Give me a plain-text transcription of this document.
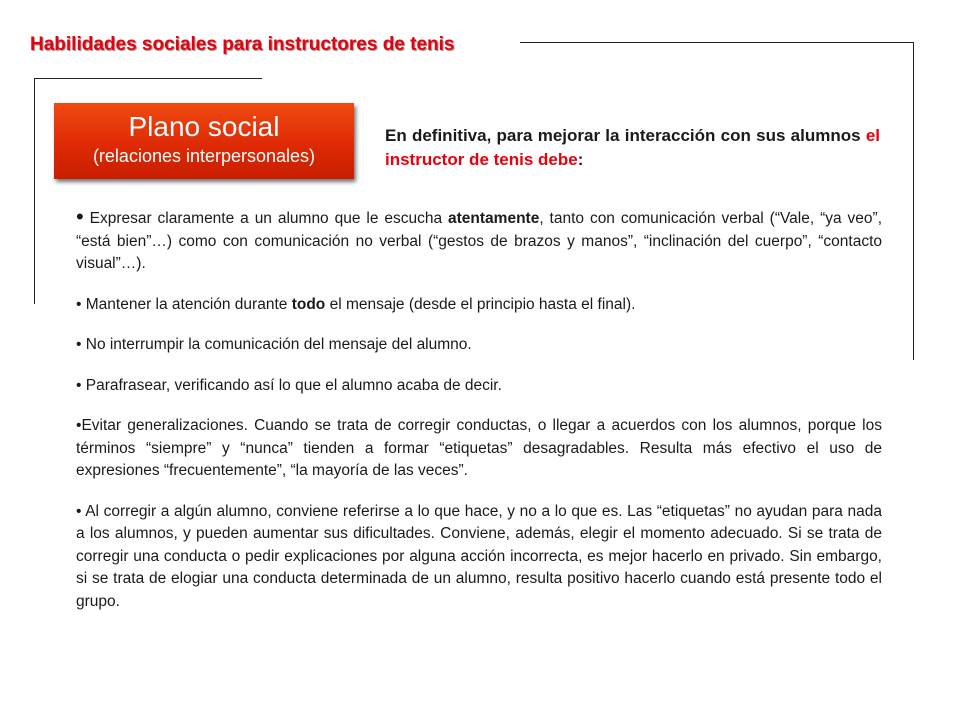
Habilidades sociales para instructores de tenis
Plano social
(relaciones interpersonales)
En definitiva, para mejorar la interacción con sus alumnos el instructor de tenis debe:

• Expresar claramente a un alumno que le escucha atentamente, tanto con comunicación verbal (“Vale, “ya veo”, “está bien”…) como con comunicación no verbal (“gestos de brazos y manos”, “inclinación del cuerpo”, “contacto visual”…).

• Mantener la atención durante todo el mensaje (desde el principio hasta el final).

• No interrumpir la comunicación del mensaje del alumno.

• Parafrasear, verificando así lo que el alumno acaba de decir.

•Evitar generalizaciones. Cuando se trata de corregir conductas, o llegar a acuerdos con los alumnos, porque los términos “siempre” y “nunca” tienden a formar “etiquetas” desagradables. Resulta más efectivo el uso de expresiones “frecuentemente”, “la mayoría de las veces”.

• Al corregir a algún alumno, conviene referirse a lo que hace, y no a lo que es. Las “etiquetas” no ayudan para nada a los alumnos, y pueden aumentar sus dificultades. Conviene, además, elegir el momento adecuado. Si se trata de corregir una conducta o pedir explicaciones por alguna acción incorrecta, es mejor hacerlo en privado. Sin embargo, si se trata de elogiar una conducta determinada de un alumno, resulta positivo hacerlo cuando está presente todo el grupo.
